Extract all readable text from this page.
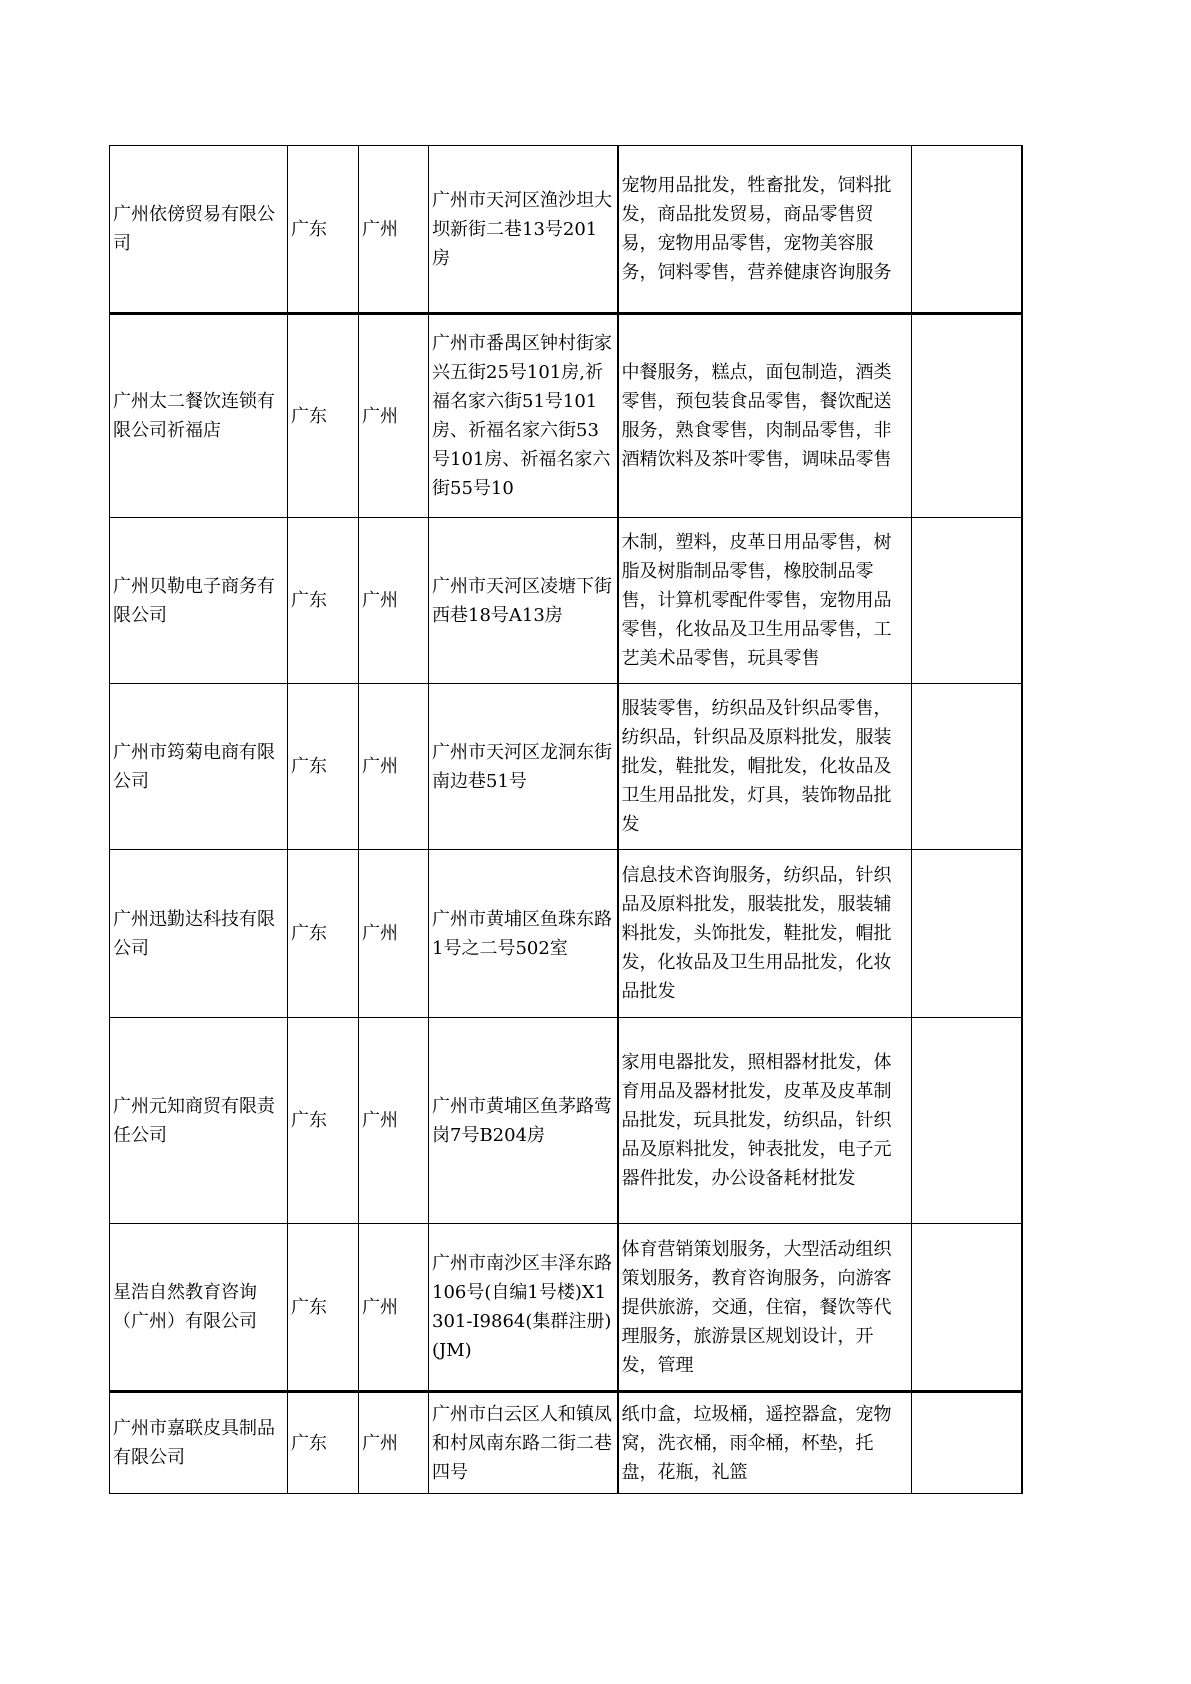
广州依傍贸易有限公司	广东	广州	广州市天河区渔沙坦大坝新街二巷13号201房	宠物用品批发，牲畜批发，饲料批发，商品批发贸易，商品零售贸易，宠物用品零售，宠物美容服务，饲料零售，营养健康咨询服务	
广州太二餐饮连锁有限公司祈福店	广东	广州	广州市番禺区钟村街家兴五街25号101房,祈福名家六街51号101房、祈福名家六街53号101房、祈福名家六街55号10	中餐服务，糕点，面包制造，酒类零售，预包装食品零售，餐饮配送服务，熟食零售，肉制品零售，非酒精饮料及茶叶零售，调味品零售	
广州贝勒电子商务有限公司	广东	广州	广州市天河区凌塘下街西巷18号A13房	木制，塑料，皮革日用品零售，树脂及树脂制品零售，橡胶制品零售，计算机零配件零售，宠物用品零售，化妆品及卫生用品零售，工艺美术品零售，玩具零售	
广州市筠菊电商有限公司	广东	广州	广州市天河区龙洞东街南边巷51号	服装零售，纺织品及针织品零售，纺织品，针织品及原料批发，服装批发，鞋批发，帽批发，化妆品及卫生用品批发，灯具，装饰物品批发	
广州迅勤达科技有限公司	广东	广州	广州市黄埔区鱼珠东路1号之二号502室	信息技术咨询服务，纺织品，针织品及原料批发，服装批发，服装辅料批发，头饰批发，鞋批发，帽批发，化妆品及卫生用品批发，化妆品批发	
广州元知商贸有限责任公司	广东	广州	广州市黄埔区鱼茅路莺岗7号B204房	家用电器批发，照相器材批发，体育用品及器材批发，皮革及皮革制品批发，玩具批发，纺织品，针织品及原料批发，钟表批发，电子元器件批发，办公设备耗材批发	
星浩自然教育咨询（广州）有限公司	广东	广州	广州市南沙区丰泽东路106号(自编1号楼)X1301-I9864(集群注册)(JM)	体育营销策划服务，大型活动组织策划服务，教育咨询服务，向游客提供旅游，交通，住宿，餐饮等代理服务，旅游景区规划设计，开发，管理	
广州市嘉联皮具制品有限公司	广东	广州	广州市白云区人和镇凤和村凤南东路二街二巷四号	纸巾盒，垃圾桶，遥控器盒，宠物窝，洗衣桶，雨伞桶，杯垫，托盘，花瓶，礼篮	
